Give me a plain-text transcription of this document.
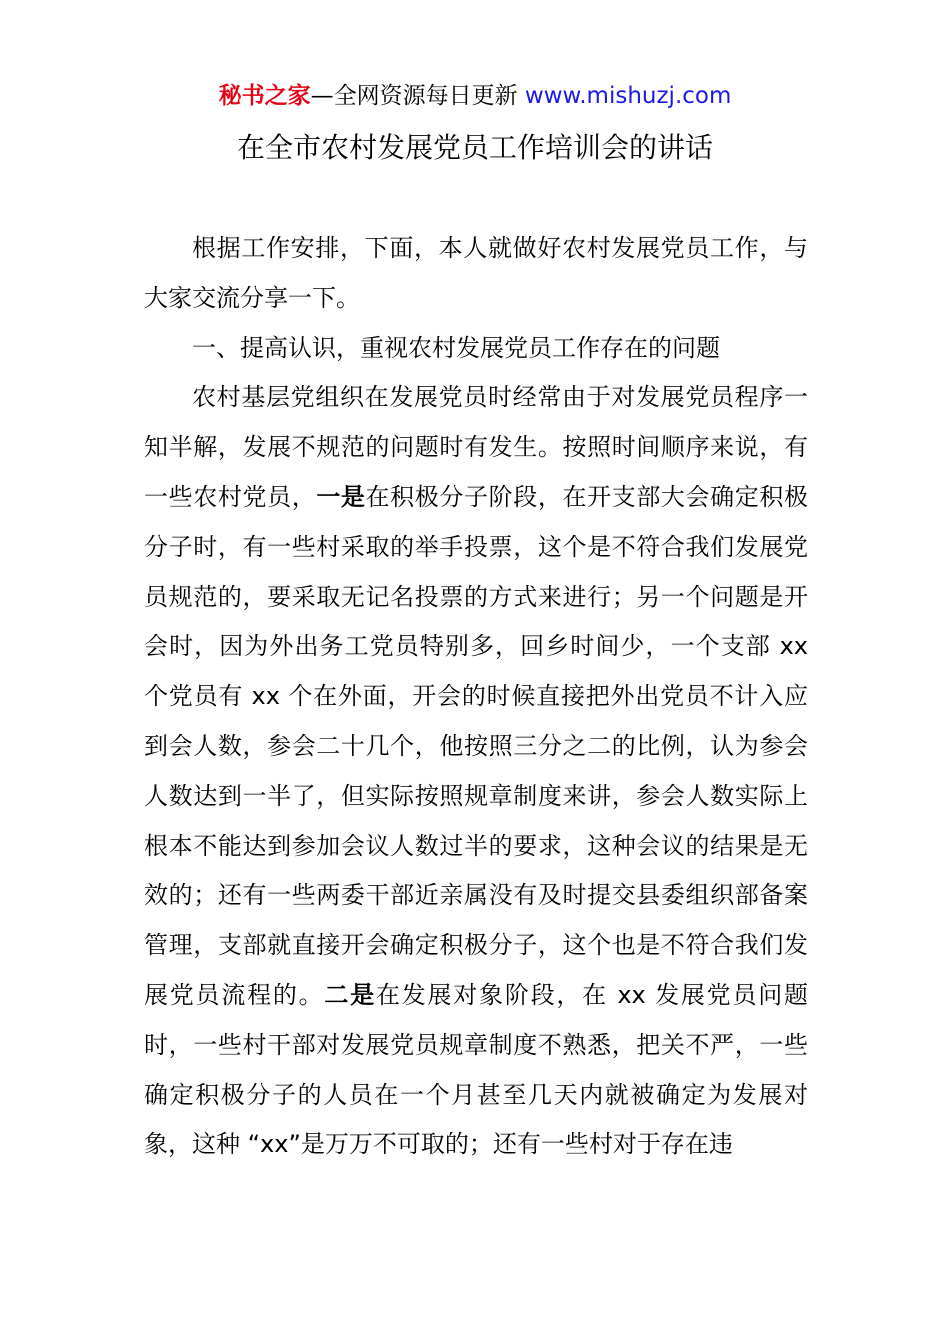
秘书之家—全网资源每日更新 www.mishuzj.com
在全市农村发展党员工作培训会的讲话

根据工作安排，下面，本人就做好农村发展党员工作，与大家交流分享一下。

一、提高认识，重视农村发展党员工作存在的问题

农村基层党组织在发展党员时经常由于对发展党员程序一知半解，发展不规范的问题时有发生。按照时间顺序来说，有一些农村党员，一是在积极分子阶段，在开支部大会确定积极分子时，有一些村采取的举手投票，这个是不符合我们发展党员规范的，要采取无记名投票的方式来进行；另一个问题是开会时，因为外出务工党员特别多，回乡时间少，一个支部 xx 个党员有 xx 个在外面，开会的时候直接把外出党员不计入应到会人数，参会二十几个，他按照三分之二的比例，认为参会人数达到一半了，但实际按照规章制度来讲，参会人数实际上根本不能达到参加会议人数过半的要求，这种会议的结果是无效的；还有一些两委干部近亲属没有及时提交县委组织部备案管理，支部就直接开会确定积极分子，这个也是不符合我们发展党员流程的。二是在发展对象阶段，在 xx 发展党员问题时，一些村干部对发展党员规章制度不熟悉，把关不严，一些确定积极分子的人员在一个月甚至几天内就被确定为发展对象，这种 “xx”是万万不可取的；还有一些村对于存在违
